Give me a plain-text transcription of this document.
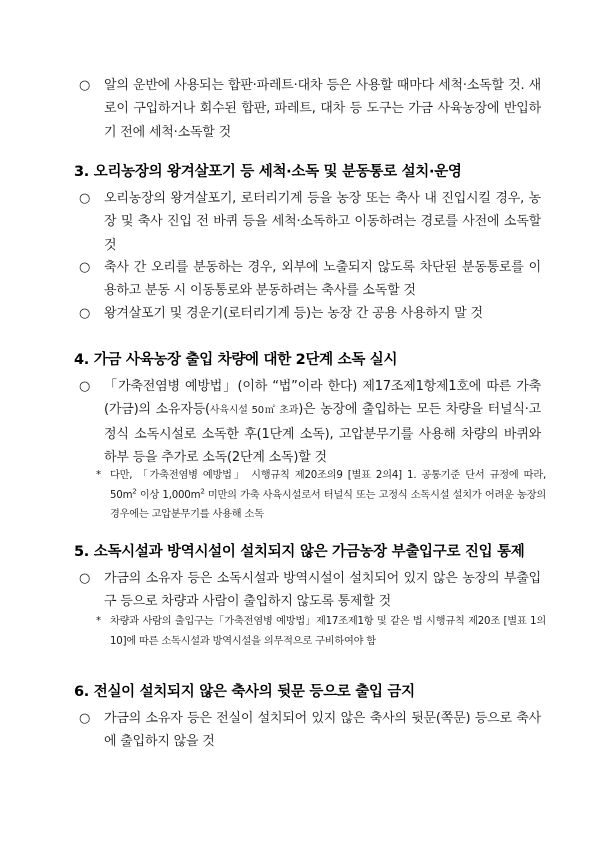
○	알의 운반에 사용되는 합판·파레트·대차 등은 사용할 때마다 세척·소독할 것. 새로이 구입하거나 회수된 합판, 파레트, 대차 등 도구는 가금 사육농장에 반입하기 전에 세척·소독할 것
3. 오리농장의 왕겨살포기 등 세척·소독 및 분동통로 설치·운영
○	오리농장의 왕겨살포기, 로터리기계 등을 농장 또는 축사 내 진입시킬 경우, 농장 및 축사 진입 전 바퀴 등을 세척·소독하고 이동하려는 경로를 사전에 소독할 것
○	축사 간 오리를 분동하는 경우, 외부에 노출되지 않도록 차단된 분동통로를 이용하고 분동 시 이동통로와 분동하려는 축사를 소독할 것
○	왕겨살포기 및 경운기(로터리기계 등)는 농장 간 공용 사용하지 말 것
4. 가금 사육농장 출입 차량에 대한 2단계 소독 실시
○	「가축전염병 예방법」(이하 “법”이라 한다) 제17조제1항제1호에 따른 가축(가금)의 소유자등(사육시설 50㎡ 초과)은 농장에 출입하는 모든 차량을 터널식·고정식 소독시설로 소독한 후(1단계 소독), 고압분무기를 사용해 차량의 바퀴와 하부 등을 추가로 소독(2단계 소독)할 것
* 다만, 「가축전염병 예방법」 시행규칙 제20조의9 [별표 2의4] 1. 공통기준 단서 규정에 따라, $50m^2$ 이상 $1,000m^2$ 미만의 가축 사육시설로서 터널식 또는 고정식 소독시설 설치가 어려운 농장의 경우에는 고압분무기를 사용해 소독
5. 소독시설과 방역시설이 설치되지 않은 가금농장 부출입구로 진입 통제
○	가금의 소유자 등은 소독시설과 방역시설이 설치되어 있지 않은 농장의 부출입구 등으로 차량과 사람이 출입하지 않도록 통제할 것
* 차량과 사람의 출입구는「가축전염병 예방법」제17조제1항 및 같은 법 시행규칙 제20조 [별표 1의10]에 따른 소독시설과 방역시설을 의무적으로 구비하여야 함
6. 전실이 설치되지 않은 축사의 뒷문 등으로 출입 금지
○	가금의 소유자 등은 전실이 설치되어 있지 않은 축사의 뒷문(쪽문) 등으로 축사에 출입하지 않을 것
